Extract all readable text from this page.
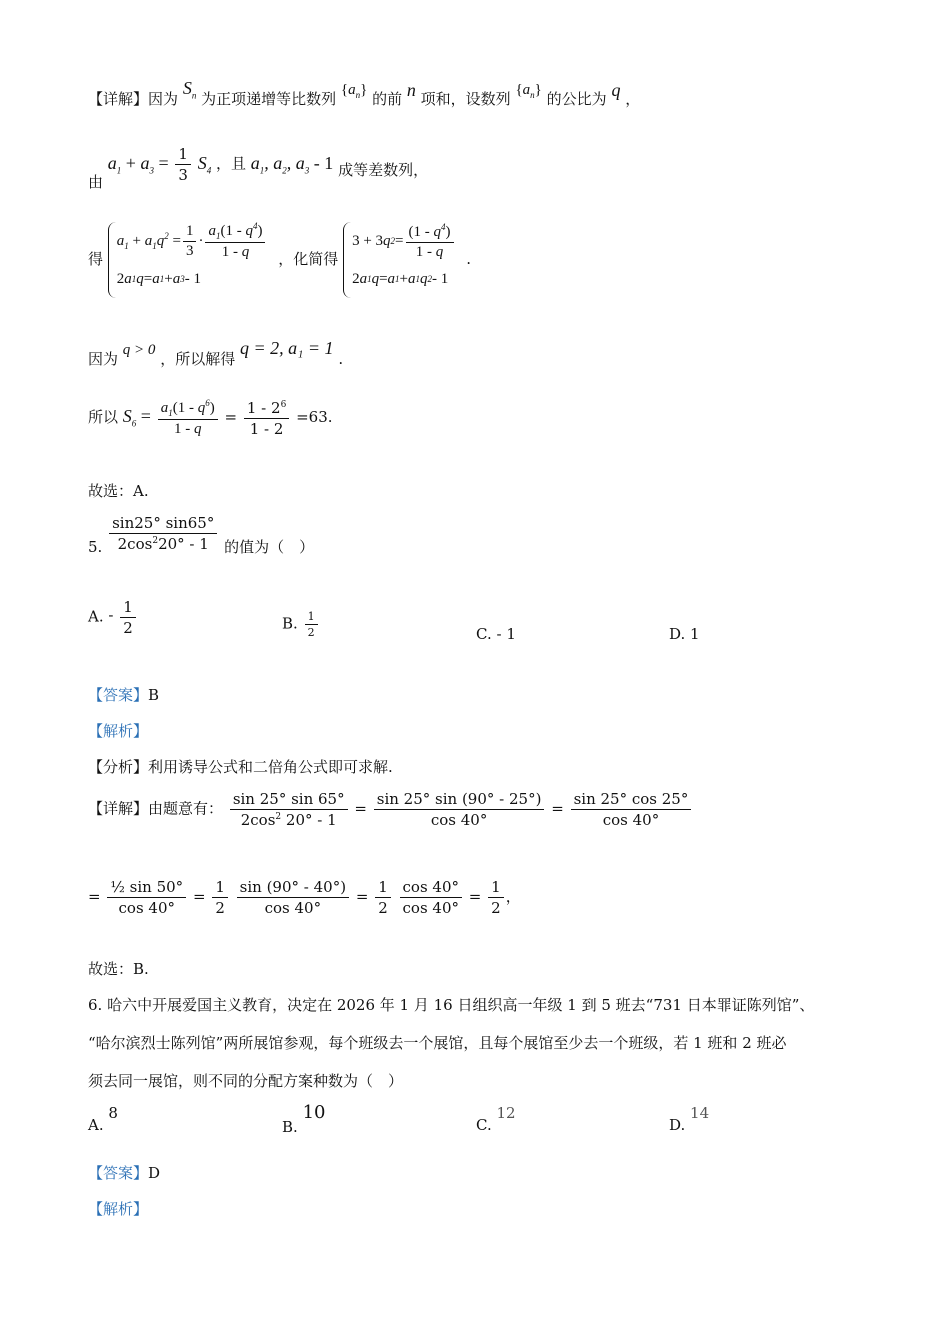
【详解】因为 $S_n$ 为正项递增等比数列 $\{a_n\}$ 的前 n 项和，设数列 $\{a_n\}$ 的公比为 q ，
由 $a_1 + a_3 = \frac{1}{3} S_4$ ，且 $a_1$, $a_2$, $a_3 - 1$ 成等差数列，
得
$a_1 + a_1q^2 = \frac{1}{3} \cdot \frac{a_1(1 - q^4)}{1 - q}$
2 a 1 q = a 1 + a 3 - 1
，化简得
3 + 3 q $2 = \frac{(1 - q^4)}{1 - q}$
2 a 1 q = a 1 + a 1 q 2 - 1
.
因为 q > 0 ，所以解得 q = 2, a₁ = 1 .
所以 $S_6 = \frac{a_1(1 - q^6)}{1 - q} = \frac{1 - 2^6}{1 - 2} =63$.
故选：A.
5. $\frac{\sin 25^\circ \sin 65^\circ}{2\cos^220^\circ - 1}$ 的值为（　）
A. - $\frac{1}{2}$	B. $\frac{1}{2}$	C. - 1	D. 1
【答案】B
【解析】
【分析】利用诱导公式和二倍角公式即可求解.
【详解】由题意有： $\frac{\sin 25^\circ \sin 65^\circ}{2\cos^2 20^\circ - 1} = \frac{\sin 25^\circ \sin (90^\circ - 25^\circ)}{\cos 40^\circ} = \frac{\sin 25^\circ \cos 25^\circ}{\cos 40^\circ}$
= $\frac{\text{½ sin 50°}}{\cos 40^\circ} = \frac{1}{2}$
$\frac{\sin (90^\circ - 40^\circ)}{\cos 40^\circ} = \frac{1}{2}$
$\frac{\cos 40^\circ}{\cos 40^\circ} = \frac{1}{2}$ ，
故选：B.
6. 哈六中开展爱国主义教育，决定在 2026 年 1 月 16 日组织高一年级 1 到 5 班去“731 日本罪证陈列馆”、
“哈尔滨烈士陈列馆”两所展馆参观，每个班级去一个展馆，且每个展馆至少去一个班级，若 1 班和 2 班必
须去同一展馆，则不同的分配方案种数为（　）
A. 8
B. 10
C. 12
D. 14
【答案】D
【解析】
